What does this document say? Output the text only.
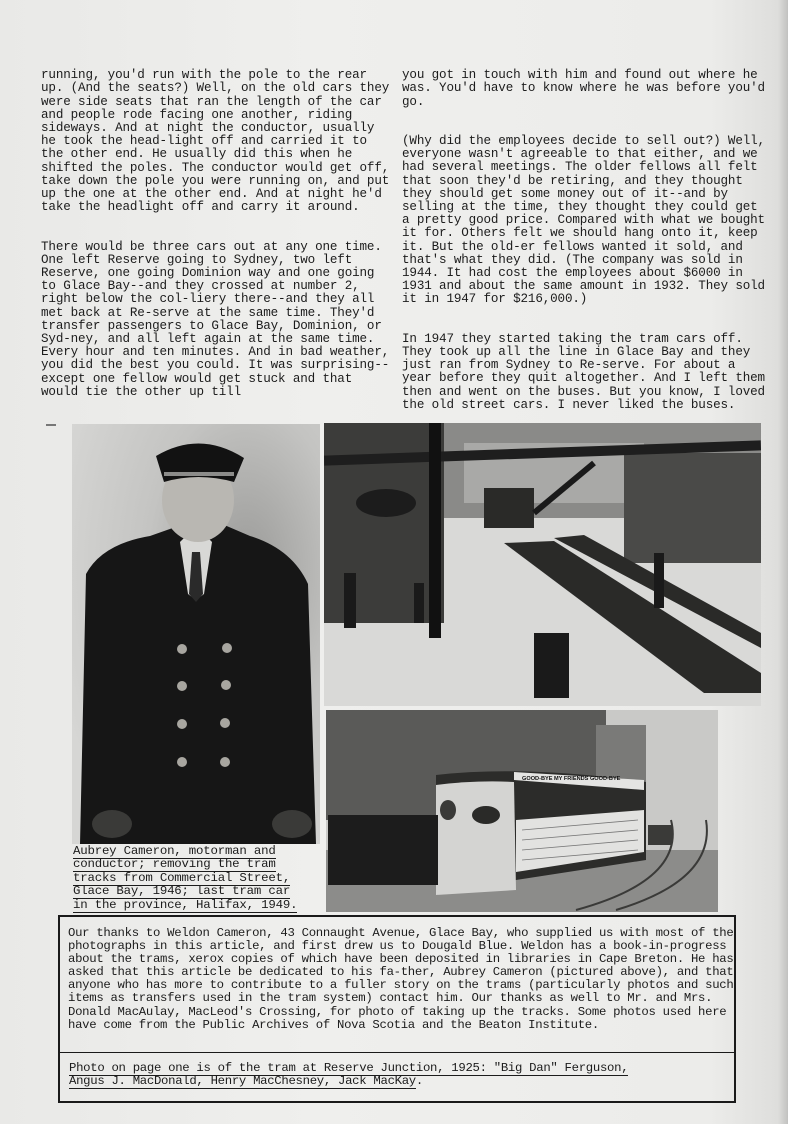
running, you'd run with the pole to the rear up. (And the seats?) Well, on the old cars they were side seats that ran the length of the car and people rode facing one another, riding sideways. And at night the conductor, usually he took the head-light off and carried it to the other end. He usually did this when he shifted the poles. The conductor would get off, take down the pole you were running on, and put up the one at the other end. And at night he'd take the headlight off and carry it around.

There would be three cars out at any one time. One left Reserve going to Sydney, two left Reserve, one going Dominion way and one going to Glace Bay--and they crossed at number 2, right below the col-liery there--and they all met back at Re-serve at the same time. They'd transfer passengers to Glace Bay, Dominion, or Syd-ney, and all left again at the same time. Every hour and ten minutes. And in bad weather, you did the best you could. It was surprising--except one fellow would get stuck and that would tie the other up till

you got in touch with him and found out where he was. You'd have to know where he was before you'd go.

(Why did the employees decide to sell out?) Well, everyone wasn't agreeable to that either, and we had several meetings. The older fellows all felt that soon they'd be retiring, and they thought they should get some money out of it--and by selling at the time, they thought they could get a pretty good price. Compared with what we bought it for. Others felt we should hang onto it, keep it. But the old-er fellows wanted it sold, and that's what they did. (The company was sold in 1944. It had cost the employees about $6000 in 1931 and about the same amount in 1932. They sold it in 1947 for $216,000.)

In 1947 they started taking the tram cars off. They took up all the line in Glace Bay and they just ran from Sydney to Re-serve. For about a year before they quit altogether. And I left them then and went on the buses. But you know, I loved the old street cars. I never liked the buses.

GOOD-BYE MY FRIENDS GOOD-BYE
Aubrey Cameron, motorman and
conductor; removing the tram
tracks from Commercial Street,
Glace Bay, 1946; last tram car
in the province, Halifax, 1949.
Our thanks to Weldon Cameron, 43 Connaught Avenue, Glace Bay, who supplied us with most of the photographs in this article, and first drew us to Dougald Blue. Weldon has a book-in-progress about the trams, xerox copies of which have been deposited in libraries in Cape Breton. He has asked that this article be dedicated to his fa-ther, Aubrey Cameron (pictured above), and that anyone who has more to contribute to a fuller story on the trams (particularly photos and such items as transfers used in the tram system) contact him. Our thanks as well to Mr. and Mrs. Donald MacAulay, MacLeod's Crossing, for photo of taking up the tracks. Some photos used here have come from the Public Archives of Nova Scotia and the Beaton Institute.
Photo on page one is of the tram at Reserve Junction, 1925: "Big Dan" Ferguson,
Angus J. MacDonald, Henry MacChesney, Jack MacKay.
